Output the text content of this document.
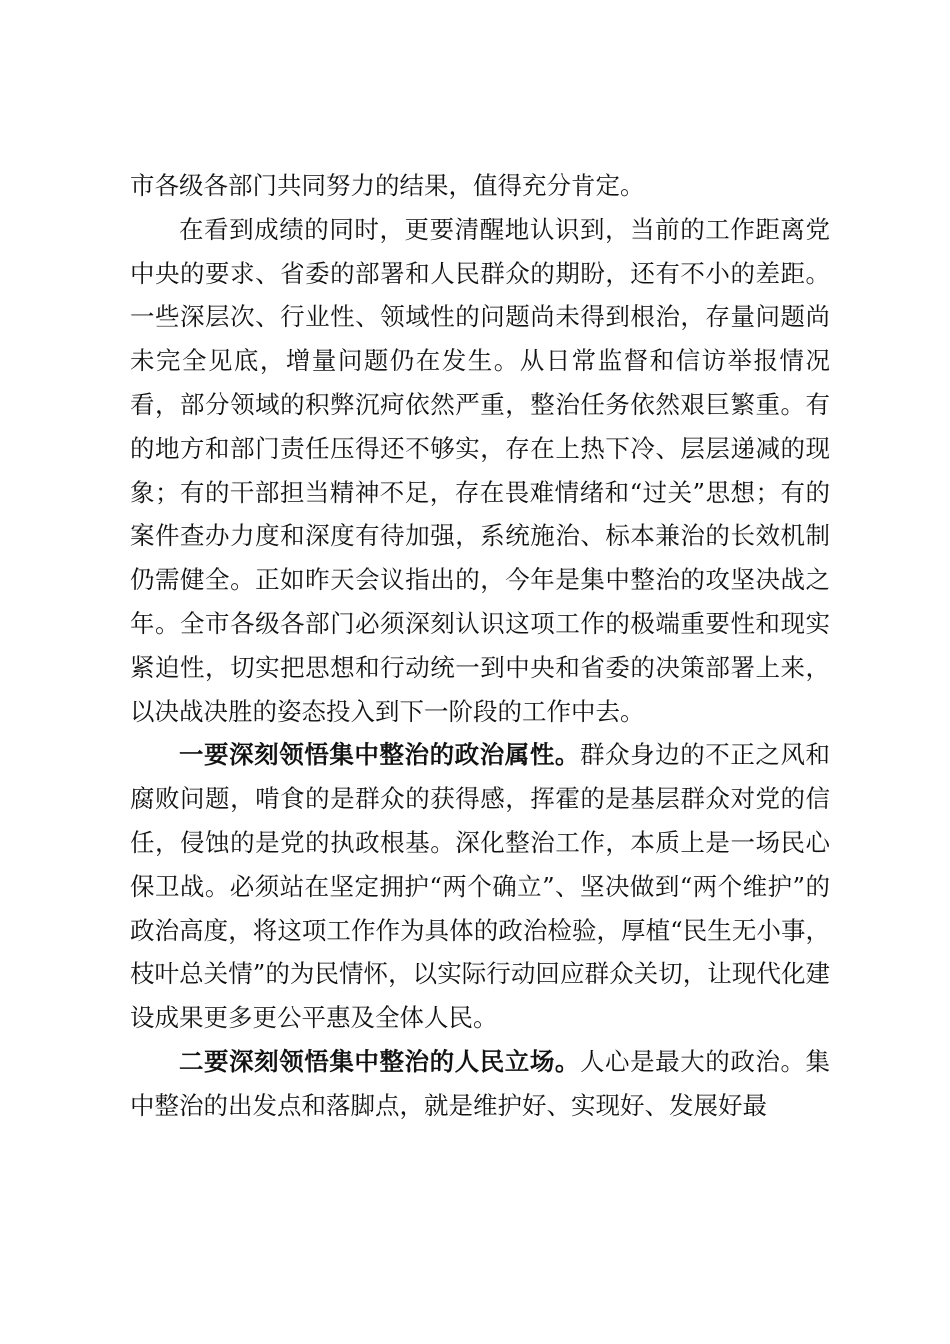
市各级各部门共同努力的结果，值得充分肯定。

在看到成绩的同时，更要清醒地认识到，当前的工作距离党中央的要求、省委的部署和人民群众的期盼，还有不小的差距。一些深层次、行业性、领域性的问题尚未得到根治，存量问题尚未完全见底，增量问题仍在发生。从日常监督和信访举报情况看，部分领域的积弊沉疴依然严重，整治任务依然艰巨繁重。有的地方和部门责任压得还不够实，存在上热下冷、层层递减的现象；有的干部担当精神不足，存在畏难情绪和“过关”思想；有的案件查办力度和深度有待加强，系统施治、标本兼治的长效机制仍需健全。正如昨天会议指出的，今年是集中整治的攻坚决战之年。全市各级各部门必须深刻认识这项工作的极端重要性和现实紧迫性，切实把思想和行动统一到中央和省委的决策部署上来，以决战决胜的姿态投入到下一阶段的工作中去。

一要深刻领悟集中整治的政治属性。群众身边的不正之风和腐败问题，啃食的是群众的获得感，挥霍的是基层群众对党的信任，侵蚀的是党的执政根基。深化整治工作，本质上是一场民心保卫战。必须站在坚定拥护“两个确立”、坚决做到“两个维护”的政治高度，将这项工作作为具体的政治检验，厚植“民生无小事，枝叶总关情”的为民情怀，以实际行动回应群众关切，让现代化建设成果更多更公平惠及全体人民。

二要深刻领悟集中整治的人民立场。人心是最大的政治。集中整治的出发点和落脚点，就是维护好、实现好、发展好最
